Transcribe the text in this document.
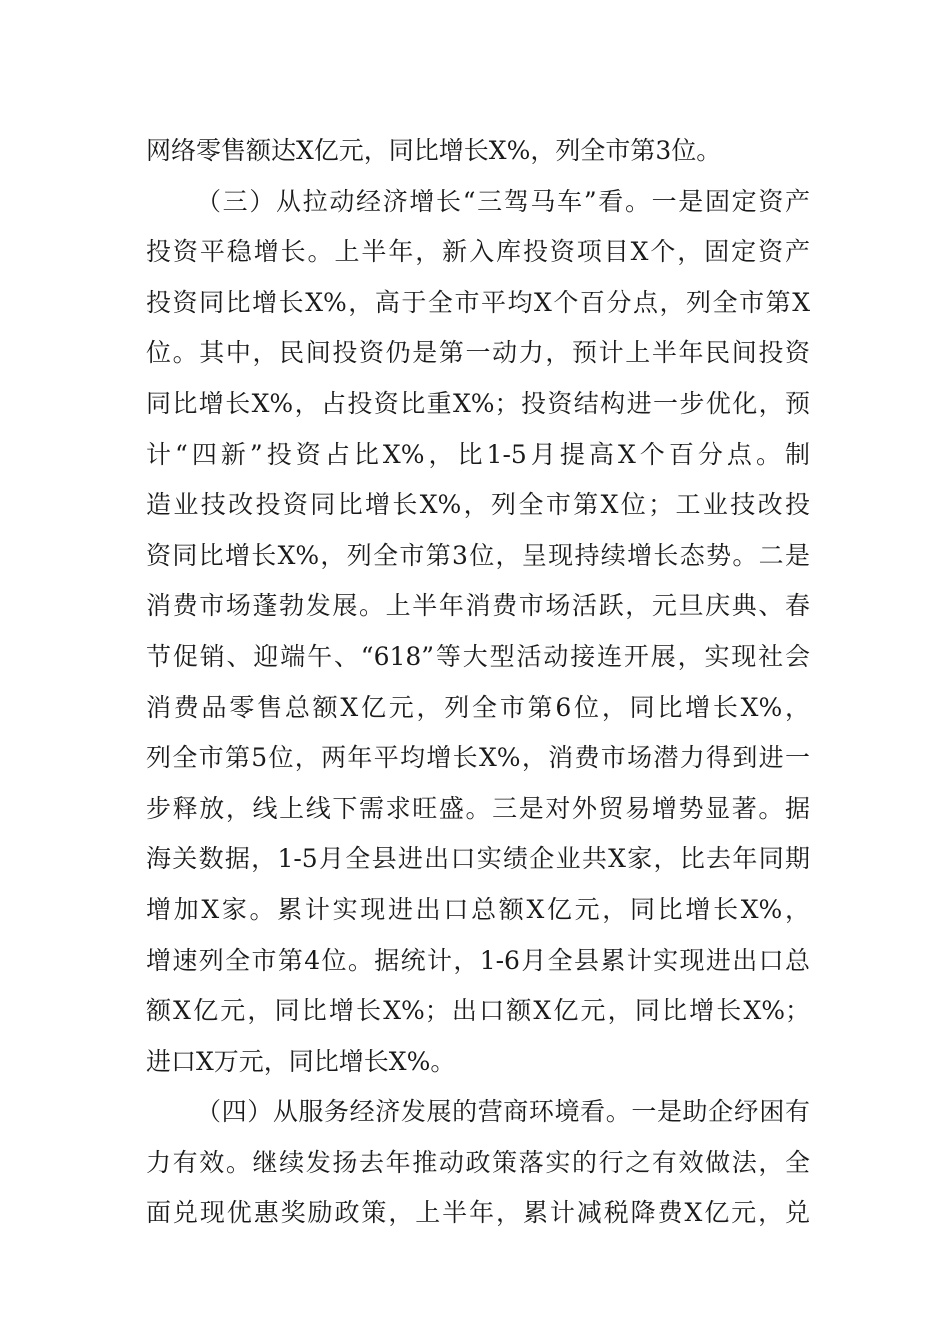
网络零售额达X亿元，同比增长X%，列全市第3位。
（三）从拉动经济增长“三驾马车”看。一是固定资产
投资平稳增长。上半年，新入库投资项目X个，固定资产
投资同比增长X%，高于全市平均X个百分点，列全市第X
位。其中，民间投资仍是第一动力，预计上半年民间投资
同比增长X%，占投资比重X%；投资结构进一步优化，预
计“四新”投资占比X%，比1-5月提高X个百分点。制
造业技改投资同比增长X%，列全市第X位；工业技改投
资同比增长X%，列全市第3位，呈现持续增长态势。二是
消费市场蓬勃发展。上半年消费市场活跃，元旦庆典、春
节促销、迎端午、“618”等大型活动接连开展，实现社会
消费品零售总额X亿元，列全市第6位，同比增长X%，
列全市第5位，两年平均增长X%，消费市场潜力得到进一
步释放，线上线下需求旺盛。三是对外贸易增势显著。据
海关数据，1-5月全县进出口实绩企业共X家，比去年同期
增加X家。累计实现进出口总额X亿元，同比增长X%，
增速列全市第4位。据统计，1-6月全县累计实现进出口总
额X亿元，同比增长X%；出口额X亿元，同比增长X%；
进口X万元，同比增长X%。
（四）从服务经济发展的营商环境看。一是助企纾困有
力有效。继续发扬去年推动政策落实的行之有效做法，全
面兑现优惠奖励政策，上半年，累计减税降费X亿元，兑
